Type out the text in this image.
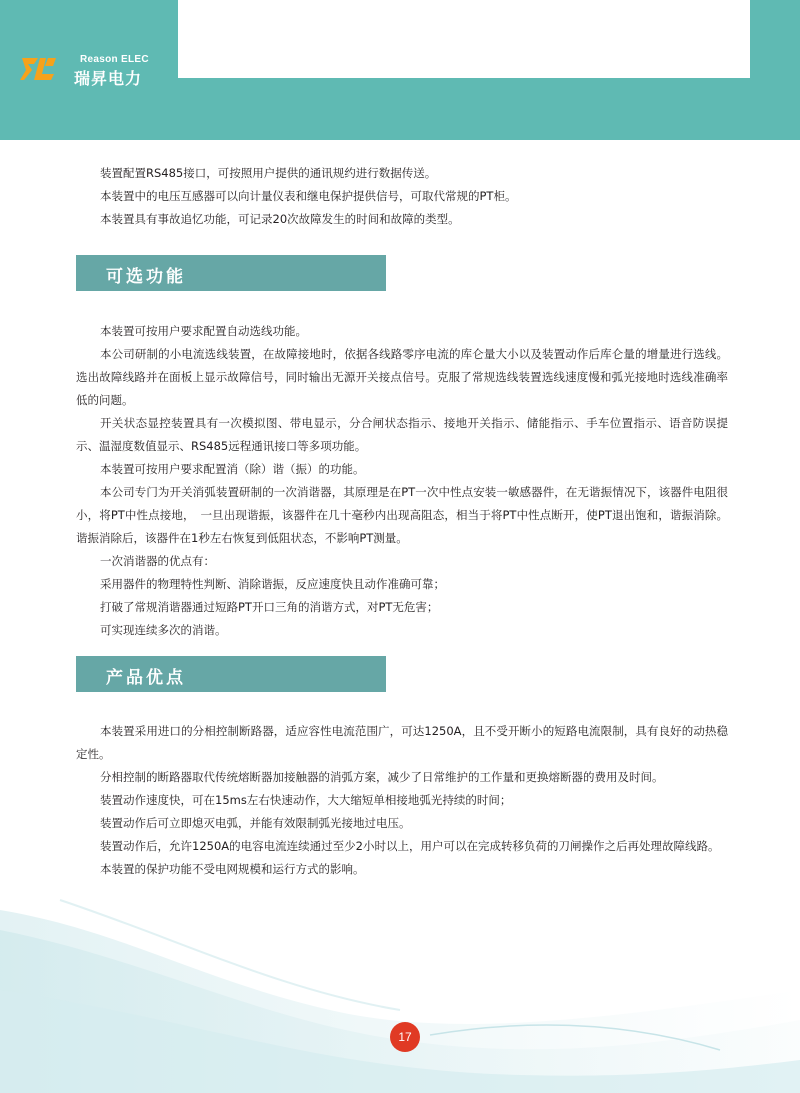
Reason ELEC
瑞昇电力

装置配置RS485接口，可按照用户提供的通讯规约进行数据传送。

本装置中的电压互感器可以向计量仪表和继电保护提供信号，可取代常规的PT柜。

本装置具有事故追忆功能，可记录20次故障发生的时间和故障的类型。

可选功能

本装置可按用户要求配置自动选线功能。

本公司研制的小电流选线装置，在故障接地时，依据各线路零序电流的库仑量大小以及装置动作后库仑量的增量进行选线。选出故障线路并在面板上显示故障信号，同时输出无源开关接点信号。克服了常规选线装置选线速度慢和弧光接地时选线准确率低的问题。

开关状态显控装置具有一次模拟图、带电显示，分合闸状态指示、接地开关指示、储能指示、手车位置指示、语音防误提示、温湿度数值显示、RS485远程通讯接口等多项功能。

本装置可按用户要求配置消（除）谐（振）的功能。

本公司专门为开关消弧装置研制的一次消谐器，其原理是在PT一次中性点安装一敏感器件，在无谐振情况下，该器件电阻很小，将PT中性点接地，　一旦出现谐振，该器件在几十毫秒内出现高阻态，相当于将PT中性点断开，使PT退出饱和，谐振消除。谐振消除后，该器件在1秒左右恢复到低阻状态，不影响PT测量。

一次消谐器的优点有：

采用器件的物理特性判断、消除谐振，反应速度快且动作准确可靠；

打破了常规消谐器通过短路PT开口三角的消谐方式，对PT无危害；

可实现连续多次的消谐。

产品优点

本装置采用进口的分相控制断路器，适应容性电流范围广，可达1250A，且不受开断小的短路电流限制，具有良好的动热稳定性。

分相控制的断路器取代传统熔断器加接触器的消弧方案，减少了日常维护的工作量和更换熔断器的费用及时间。

装置动作速度快，可在15ms左右快速动作，大大缩短单相接地弧光持续的时间；

装置动作后可立即熄灭电弧，并能有效限制弧光接地过电压。

装置动作后，允许1250A的电容电流连续通过至少2小时以上，用户可以在完成转移负荷的刀闸操作之后再处理故障线路。

本装置的保护功能不受电网规模和运行方式的影响。

17
